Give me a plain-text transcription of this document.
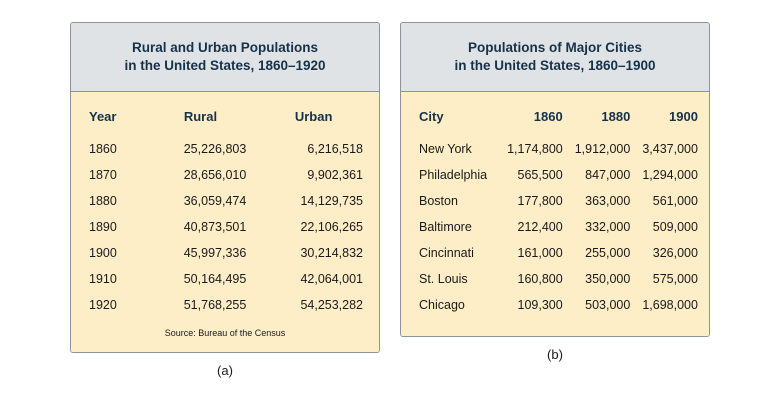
Rural and Urban Populations
in the United States, 1860–1920
Year	Rural	Urban
1860	25,226,803	6,216,518
1870	28,656,010	9,902,361
1880	36,059,474	14,129,735
1890	40,873,501	22,106,265
1900	45,997,336	30,214,832
1910	50,164,495	42,064,001
1920	51,768,255	54,253,282
Source: Bureau of the Census
(a)
Populations of Major Cities
in the United States, 1860–1900
City	1860	1880	1900
New York	1,174,800	1,912,000	3,437,000
Philadelphia	565,500	847,000	1,294,000
Boston	177,800	363,000	561,000
Baltimore	212,400	332,000	509,000
Cincinnati	161,000	255,000	326,000
St. Louis	160,800	350,000	575,000
Chicago	109,300	503,000	1,698,000
(b)
